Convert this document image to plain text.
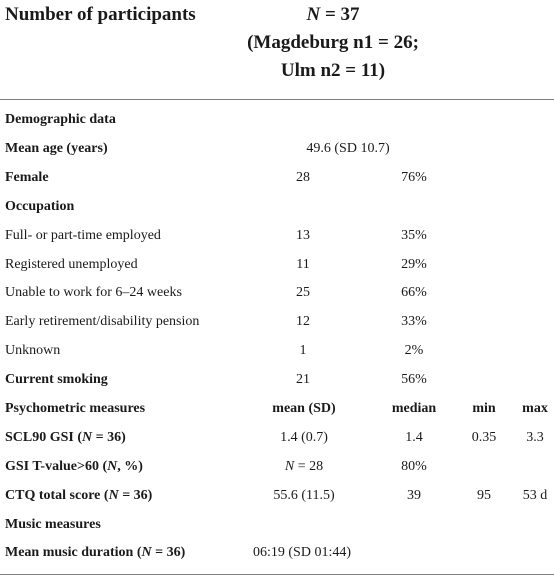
Number of participants	N = 37
(Magdeburg n1 = 26;
Ulm n2 = 11)
Demographic data
Mean age (years)	49.6 (SD 10.7)
Female	28	76%
Occupation
Full- or part-time employed	13	35%
Registered unemployed	11	29%
Unable to work for 6–24 weeks	25	66%
Early retirement/disability pension	12	33%
Unknown	1	2%
Current smoking	21	56%
Psychometric measures	mean (SD)	median	min max
SCL90 GSI (N = 36)	1.4 (0.7)	1.4	0.35 3.3
GSI T-value>60 (N, %)	N = 28	80%
CTQ total score (N = 36)	55.6 (11.5)	39	95 53 d
Music measures
Mean music duration (N = 36)	06:19 (SD 01:44)
